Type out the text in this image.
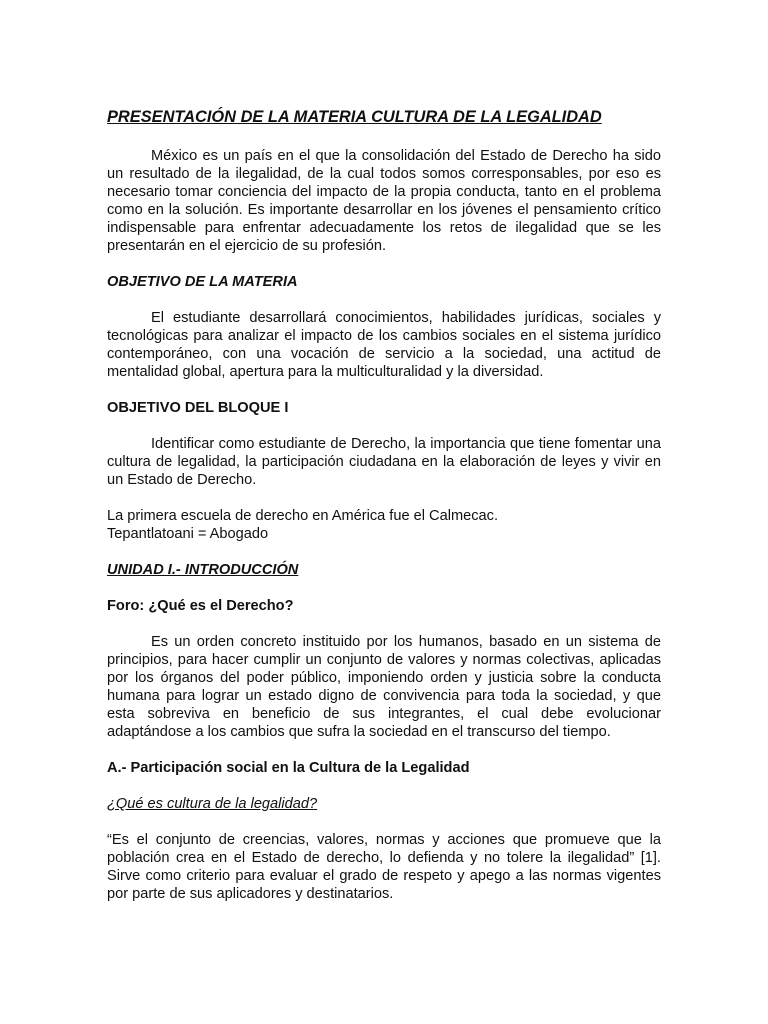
PRESENTACIÓN DE LA MATERIA CULTURA DE LA LEGALIDAD

México es un país en el que la consolidación del Estado de Derecho ha sido un resultado de la ilegalidad, de la cual todos somos corresponsables, por eso es necesario tomar conciencia del impacto de la propia conducta, tanto en el problema como en la solución. Es importante desarrollar en los jóvenes el pensamiento crítico indispensable para enfrentar adecuadamente los retos de ilegalidad que se les presentarán en el ejercicio de su profesión.

OBJETIVO DE LA MATERIA

El estudiante desarrollará conocimientos, habilidades jurídicas, sociales y tecnológicas para analizar el impacto de los cambios sociales en el sistema jurídico contemporáneo, con una vocación de servicio a la sociedad, una actitud de mentalidad global, apertura para la multiculturalidad y la diversidad.

OBJETIVO DEL BLOQUE I

Identificar como estudiante de Derecho, la importancia que tiene fomentar una cultura de legalidad, la participación ciudadana en la elaboración de leyes y vivir en un Estado de Derecho.

La primera escuela de derecho en América fue el Calmecac.

Tepantlatoani = Abogado

UNIDAD I.- INTRODUCCIÓN

Foro: ¿Qué es el Derecho?

Es un orden concreto instituido por los humanos, basado en un sistema de principios, para hacer cumplir un conjunto de valores y normas colectivas, aplicadas por los órganos del poder público, imponiendo orden y justicia sobre la conducta humana para lograr un estado digno de convivencia para toda la sociedad, y que esta sobreviva en beneficio de sus integrantes, el cual debe evolucionar adaptándose a los cambios que sufra la sociedad en el transcurso del tiempo.

A.- Participación social en la Cultura de la Legalidad

¿Qué es cultura de la legalidad?

“Es el conjunto de creencias, valores, normas y acciones que promueve que la población crea en el Estado de derecho, lo defienda y no tolere la ilegalidad” [1]. Sirve como criterio para evaluar el grado de respeto y apego a las normas vigentes por parte de sus aplicadores y destinatarios.
